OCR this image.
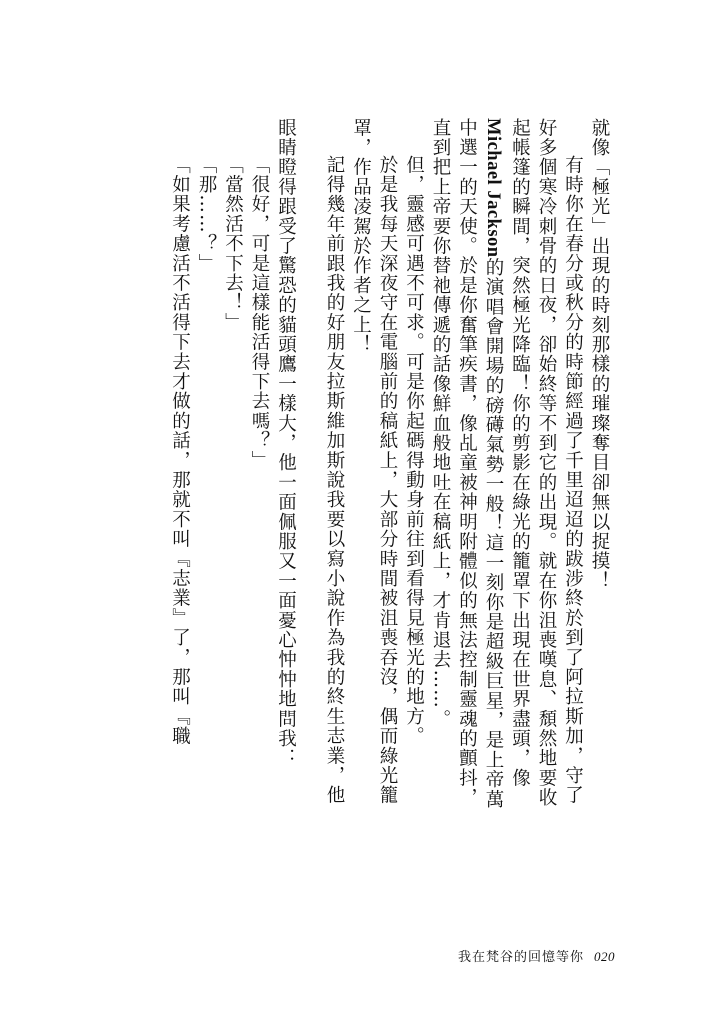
就像「極光」出現的時刻那樣的璀璨奪目卻無以捉摸！

有時你在春分或秋分的時節經過了千里迢迢的跋涉終於到了阿拉斯加，守了

好多個寒冷刺骨的日夜，卻始終等不到它的出現。就在你沮喪嘆息、頹然地要收

起帳篷的瞬間，突然極光降臨！你的剪影在綠光的籠罩下出現在世界盡頭，像

Michael Jackson的演唱會開場的磅礡氣勢一般！這一刻你是超級巨星，是上帝萬

中選一的天使。於是你奮筆疾書，像乩童被神明附體似的無法控制靈魂的顫抖，

直到把上帝要你替祂傳遞的話像鮮血般地吐在稿紙上，才肯退去……。

但，靈感可遇不可求。可是你起碼得動身前往到看得見極光的地方。

於是我每天深夜守在電腦前的稿紙上，大部分時間被沮喪吞沒，偶而綠光籠

罩，作品凌駕於作者之上！

記得幾年前跟我的好朋友拉斯維加斯說我要以寫小說作為我的終生志業，他

眼睛瞪得跟受了驚恐的貓頭鷹一樣大，他一面佩服又一面憂心忡忡地問我：

「很好，可是這樣能活得下去嗎？」

「當然活不下去！」

「那……？」

「如果考慮活不活得下去才做的話，那就不叫『志業』了，那叫『職

我在梵谷的回憶等你 020
